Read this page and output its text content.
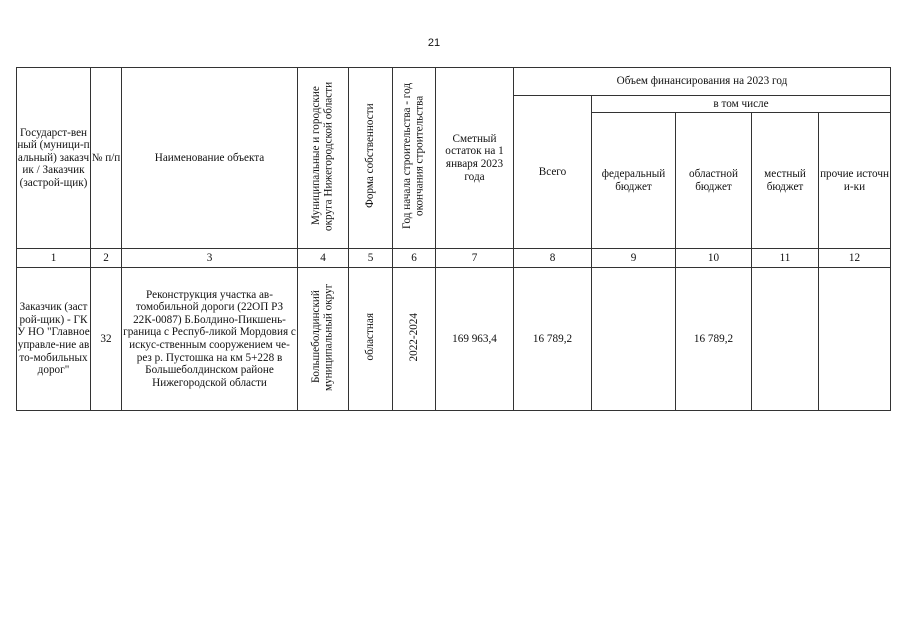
21
Государст-венный (муници-пальный) заказчик / Заказчик (застрой-щик)	№ п/п	Наименование объекта	Муниципальные и городские округа Нижегородской области	Форма собственности	Год начала строительства - год окончания строительства	Сметный остаток на 1 января 2023 года	Объем финансирования на 2023 год				
							Всего	в том числе			
								федеральный бюджет	областной бюджет	местный бюджет	прочие источни-ки
1	2	3	4	5	6	7	8	9	10	11	12
Заказчик (застрой-щик) - ГКУ НО "Главное управле-ние авто-мобильных дорог"	32	Реконструкция участка ав-томобильной дороги (22ОП РЗ 22К-0087) Б.Болдино-Пикшень-граница с Респуб-ликой Мордовия с искус-ственным сооружением че-рез р. Пустошка на км 5+228 в Большеболдинском районе Нижегородской области	Большеболдинский муниципальный округ	областная	2022-2024	169 963,4	16 789,2		16 789,2		
